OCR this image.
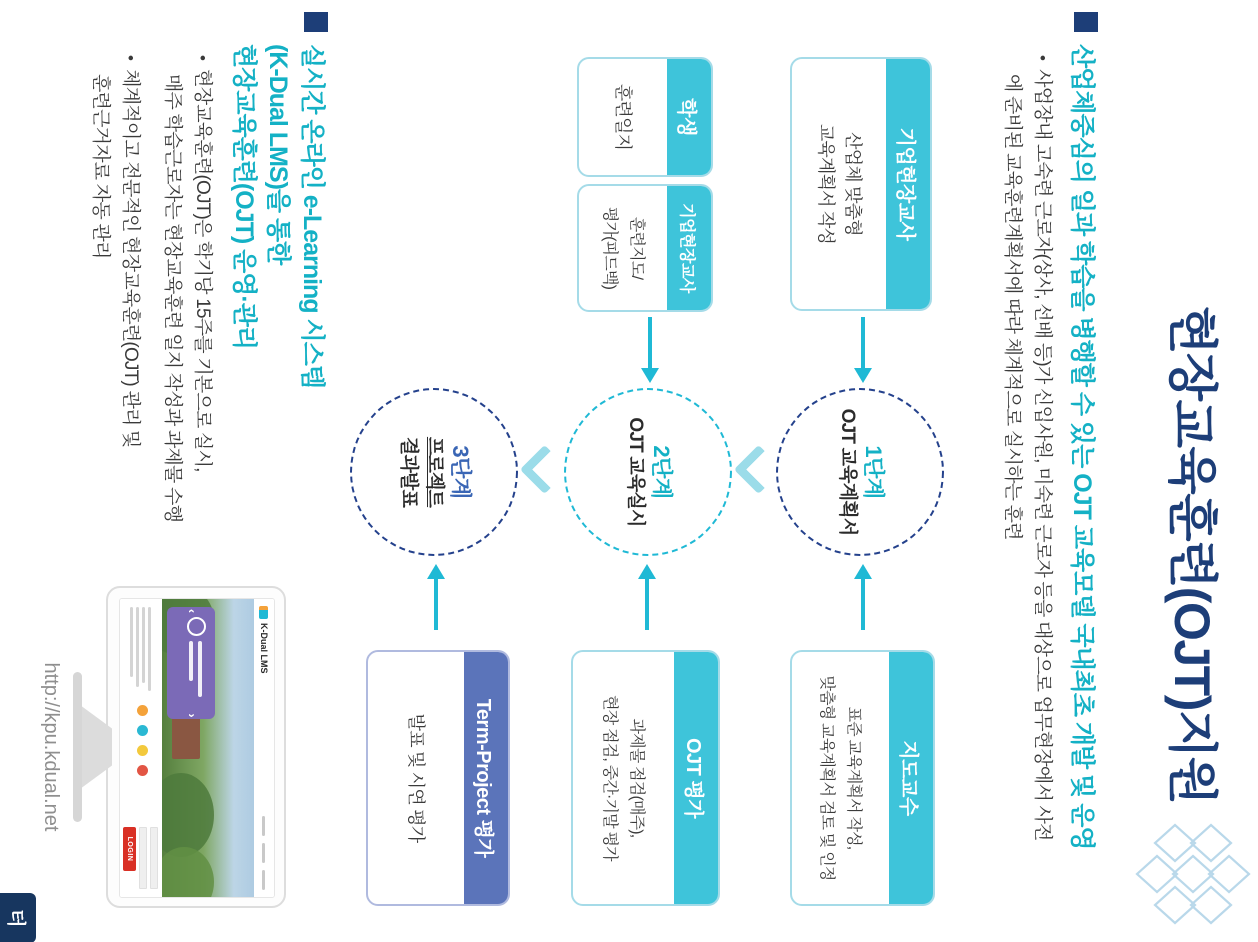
현장교육훈련(OJT)지원
산업체중심의 일과 학습을 병행할 수 있는 OJT 교육모델 국내최초 개발 및 운영
•사업장내 고숙련 근로자(상사, 선배 등)가 신입사원, 미숙련 근로자 등을 대상으로 업무현장에서 사전
에 준비된 교육훈련계획서에 따라 체계적으로 실시하는 훈련
기업현장교사
산업체 맞춤형
교육계획서 작성
1단계
OJT 교육계획서
지도교수
표준 교육계획서 작성,
맞춤형 교육계획서 검토 및 인정
학생
훈련일지
기업현장교사
훈련지도/
평가(피드백)
2단계
OJT 교육실시
OJT 평가
과제물 점검(매주),
현장 점검, 중간·기말 평가
3단계
프로젝트
결과발표
Term-Project 평가
발표 및 시연 평가
실시간 온라인 e-Learning 시스템
(K-Dual LMS)을 통한
현장교육훈련(OJT) 운영·관리
•현장교육훈련(OJT)은 학기당 15주를 기본으로 실시,
매주 학습근로자는 현장교육훈련 일지 작성과 과제물 수행
•체계적이고 전문적인 현장교육훈련(OJT) 관리 및
훈련근거자료 자동 관리
K-Dual LMS
‹
›

LOGIN
http://kpu.kdual.net
터
